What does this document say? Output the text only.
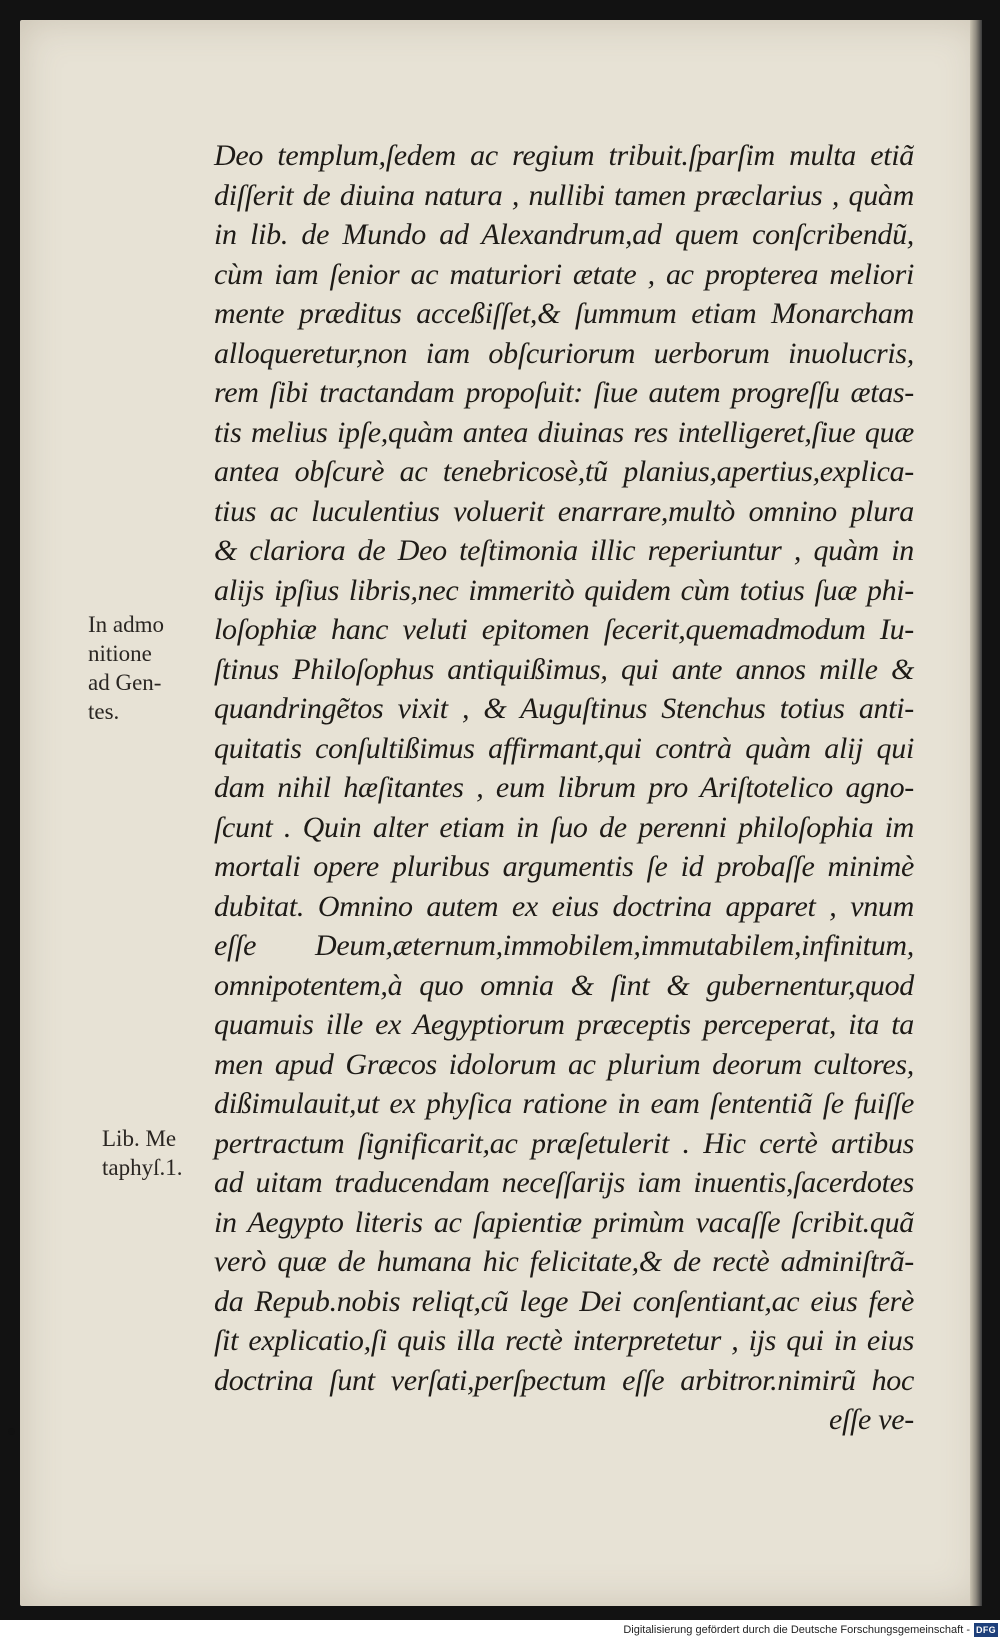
In admo
nitione
ad Gen-
tes.
Lib. Me
taphyſ.1.
Deo templum,ſedem ac regium tribuit.ſparſim multa etiã
diſſerit de diuina natura , nullibi tamen præclarius , quàm
in lib. de Mundo ad Alexandrum,ad quem conſcribendũ,
cùm iam ſenior ac maturiori ætate , ac propterea meliori
mente præditus acceßiſſet,& ſummum etiam Monarcham
alloqueretur,non iam obſcuriorum uerborum inuolucris,
rem ſibi tractandam propoſuit: ſiue autem progreſſu ætas-
tis melius ipſe,quàm antea diuinas res intelligeret,ſiue quæ
antea obſcurè ac tenebricosè,tũ planius,apertius,explica-
tius ac luculentius voluerit enarrare,multò omnino plura
& clariora de Deo teſtimonia illic reperiuntur , quàm in
alijs ipſius libris,nec immeritò quidem cùm totius ſuæ phi-
loſophiæ hanc veluti epitomen ſecerit,quemadmodum Iu-
ſtinus Philoſophus antiquißimus, qui ante annos mille &
quandringẽtos vixit , & Auguſtinus Stenchus totius anti-
quitatis conſultißimus affirmant,qui contrà quàm alij qui
dam nihil hæſitantes , eum librum pro Ariſtotelico agno-
ſcunt . Quin alter etiam in ſuo de perenni philoſophia im
mortali opere pluribus argumentis ſe id probaſſe minimè
dubitat. Omnino autem ex eius doctrina apparet , vnum
eſſe Deum,æternum,immobilem,immutabilem,infinitum,
omnipotentem,à quo omnia & ſint & gubernentur,quod
quamuis ille ex Aegyptiorum præceptis perceperat, ita ta
men apud Græcos idolorum ac plurium deorum cultores,
dißimulauit,ut ex phyſica ratione in eam ſententiã ſe fuiſſe
pertractum ſignificarit,ac præſetulerit . Hic certè artibus
ad uitam traducendam neceſſarijs iam inuentis,ſacerdotes
in Aegypto literis ac ſapientiæ primùm vacaſſe ſcribit.quã
verò quæ de humana hic felicitate,& de rectè adminiſtrã-
da Repub.nobis reliqt,cũ lege Dei conſentiant,ac eius ferè
ſit explicatio,ſi quis illa rectè interpretetur , ijs qui in eius
doctrina ſunt verſati,perſpectum eſſe arbitror.nimirũ hoc
eſſe ve-
Digitalisierung gefördert durch die Deutsche Forschungsgemeinschaft - DFG
